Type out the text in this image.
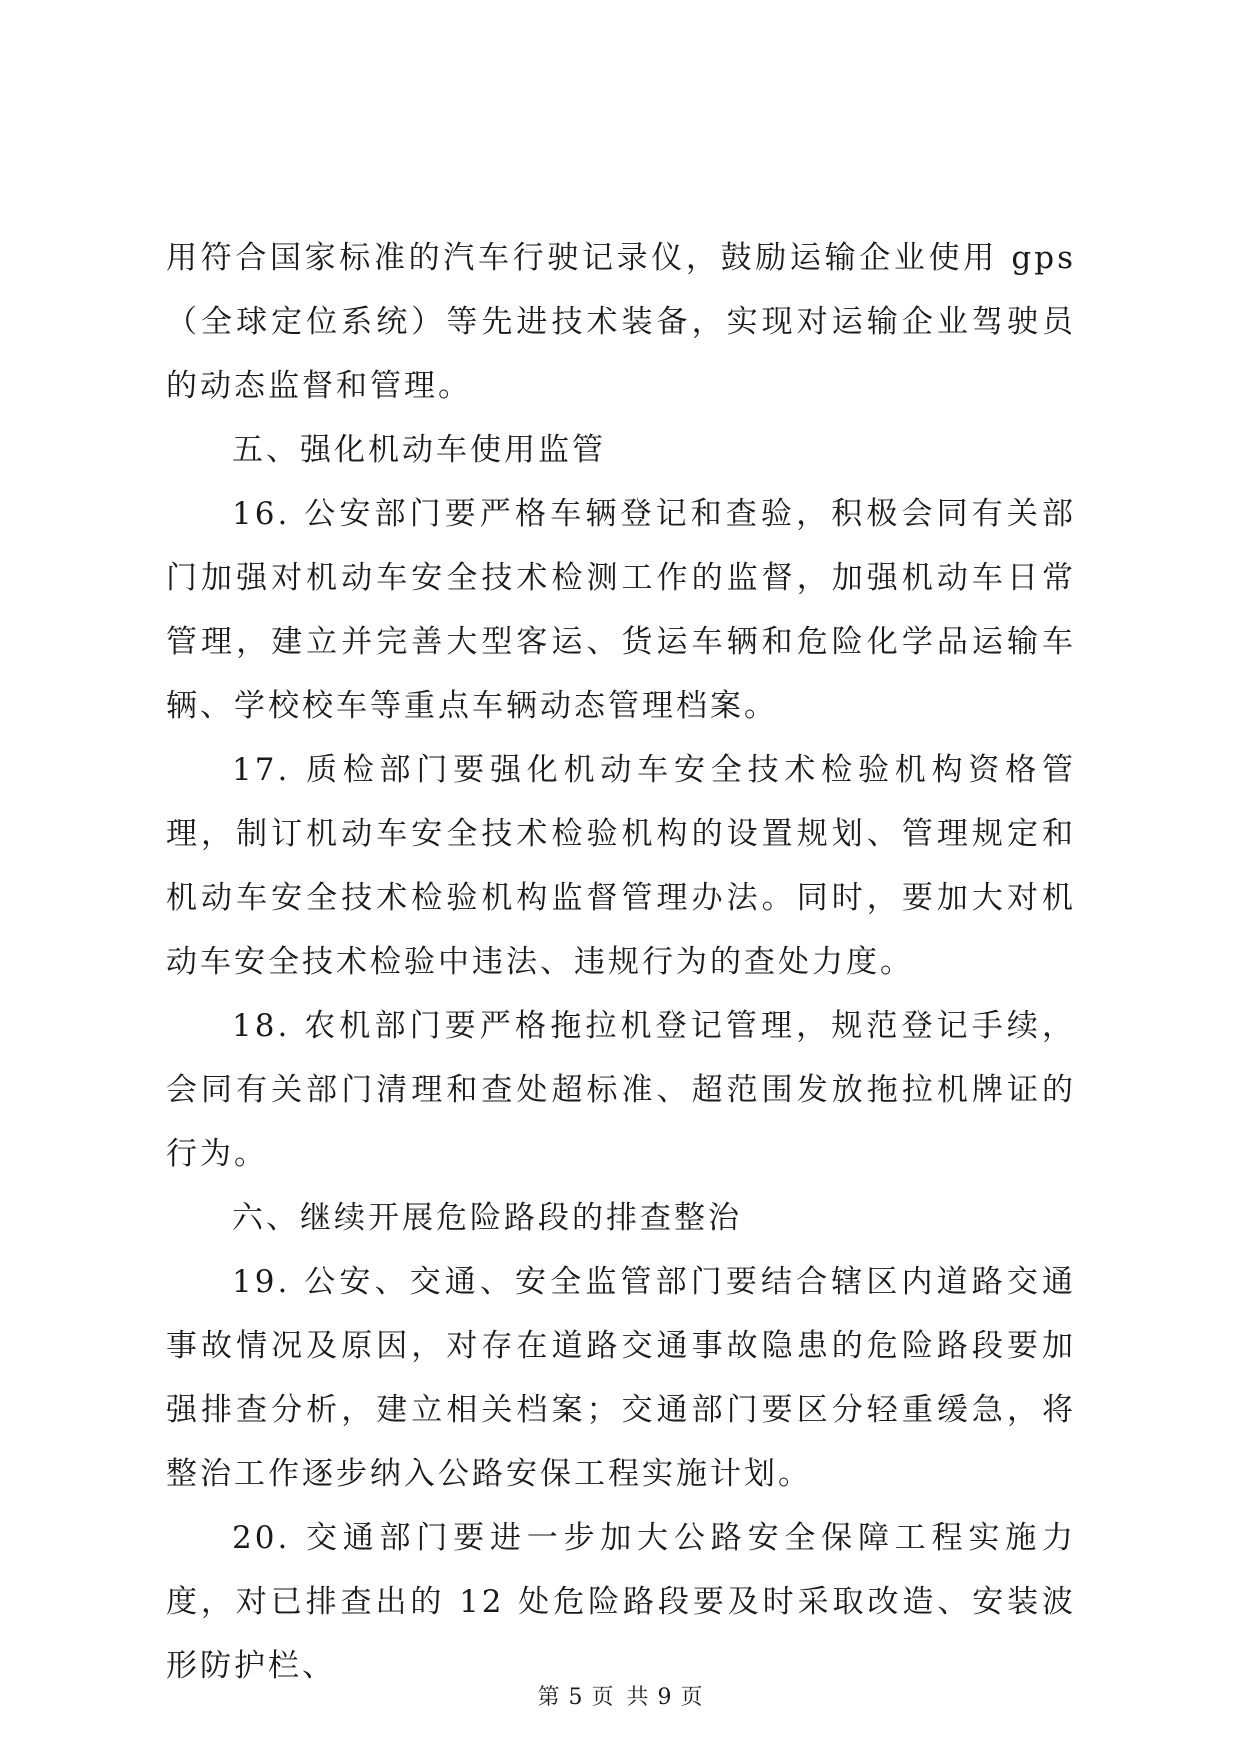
用符合国家标准的汽车行驶记录仪，鼓励运输企业使用 gps（全球定位系统）等先进技术装备，实现对运输企业驾驶员的动态监督和管理。

五、强化机动车使用监管

16. 公安部门要严格车辆登记和查验，积极会同有关部门加强对机动车安全技术检测工作的监督，加强机动车日常管理，建立并完善大型客运、货运车辆和危险化学品运输车辆、学校校车等重点车辆动态管理档案。

17. 质检部门要强化机动车安全技术检验机构资格管理，制订机动车安全技术检验机构的设置规划、管理规定和机动车安全技术检验机构监督管理办法。同时，要加大对机动车安全技术检验中违法、违规行为的查处力度。

18. 农机部门要严格拖拉机登记管理，规范登记手续，会同有关部门清理和查处超标准、超范围发放拖拉机牌证的行为。

六、继续开展危险路段的排查整治

19. 公安、交通、安全监管部门要结合辖区内道路交通事故情况及原因，对存在道路交通事故隐患的危险路段要加强排查分析，建立相关档案；交通部门要区分轻重缓急，将整治工作逐步纳入公路安保工程实施计划。

20. 交通部门要进一步加大公路安全保障工程实施力度，对已排查出的 12 处危险路段要及时采取改造、安装波形防护栏、

第 5 页 共 9 页
